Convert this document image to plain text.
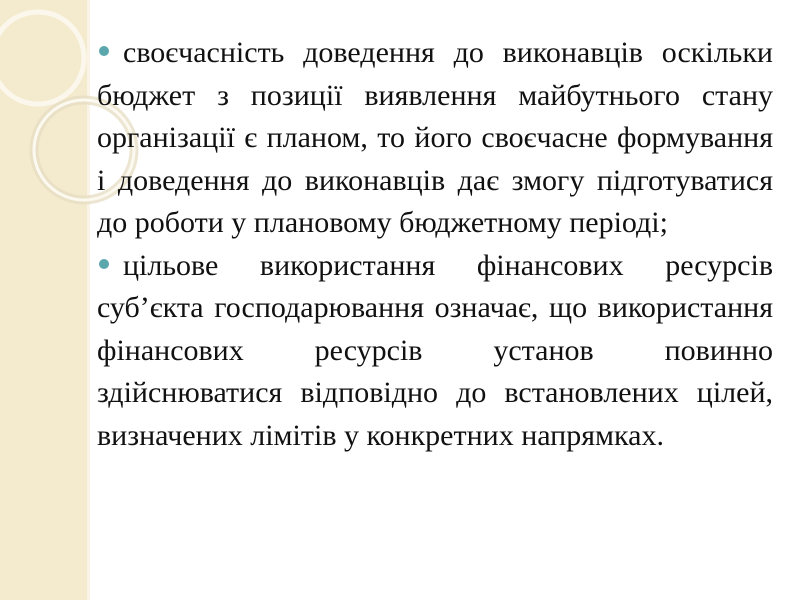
своєчасність доведення до виконавців оскільки бюджет з позиції виявлення майбутнього стану організації є планом, то його своєчасне формування і доведення до виконавців дає змогу підготуватися до роботи у плановому бюджетному періоді;

цільове використання фінансових ресурсів суб’єкта господарювання означає, що використання фінансових ресурсів установ повинно здійснюватися відповідно до встановлених цілей, визначених лімітів у конкретних напрямках.
